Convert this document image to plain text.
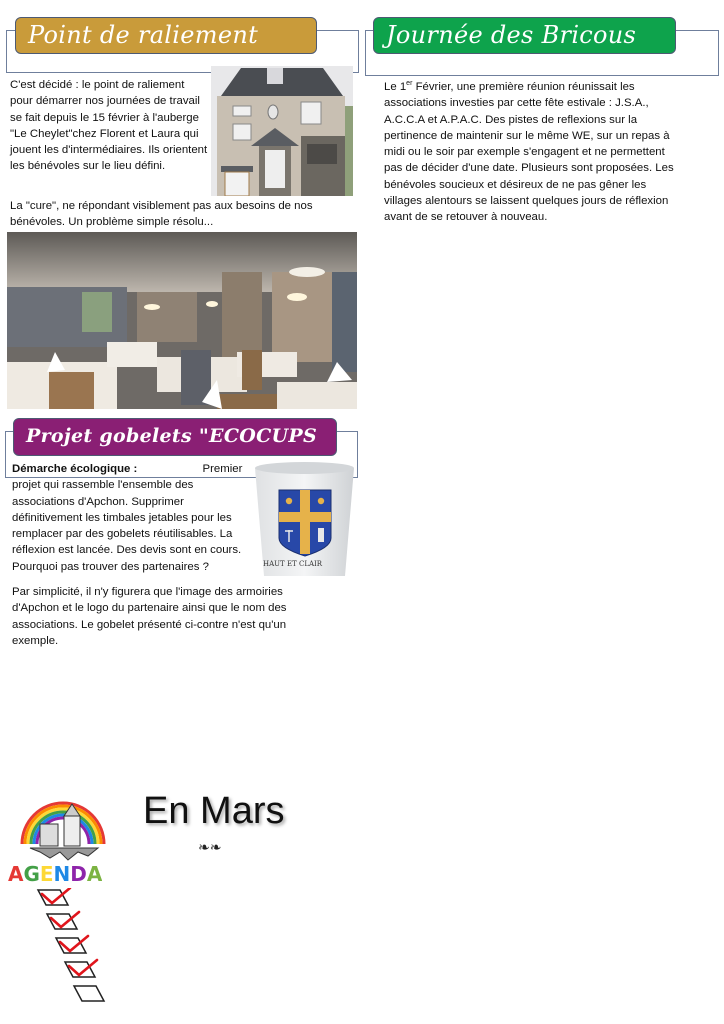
Point de raliement
C'est décidé : le point de raliement pour démarrer nos journées de travail se fait depuis le 15 février à l'auberge "Le Cheylet"chez Florent et Laura qui jouent les d'intermédiaires. Ils orientent les bénévoles sur le lieu défini.
La "cure", ne répondant visiblement pas aux besoins de nos bénévoles. Un problème simple résolu...
Journée des Bricous
Le 1er Février, une première réunion réunissait les associations investies par cette fête estivale : J.S.A., A.C.C.A et A.P.A.C. Des pistes de reflexions sur la pertinence de maintenir sur le même WE, sur un repas à midi ou le soir par exemple s'engagent et ne permettent pas de décider d'une date. Plusieurs sont proposées. Les bénévoles soucieux et désireux de ne pas gêner les villages alentours se laissent quelques jours de réflexion avant de se retouver à nouveau.
Projet gobelets "ECOCUPS
HAUT ET CLAIR
Démarche écologique :	Premier projet qui rassemble l'ensemble des associations d'Apchon. Supprimer définitivement les timbales jetables pour les remplacer par des gobelets réutilisables. La réflexion est lancée. Des devis sont en cours. Pourquoi pas trouver des partenaires ?
Par simplicité, il n'y figurera que l'image des armoiries d'Apchon et le logo du partenaire ainsi que le nom des associations. Le gobelet présenté ci-contre n'est qu'un exemple.
AGENDA
En Mars
❧❧
